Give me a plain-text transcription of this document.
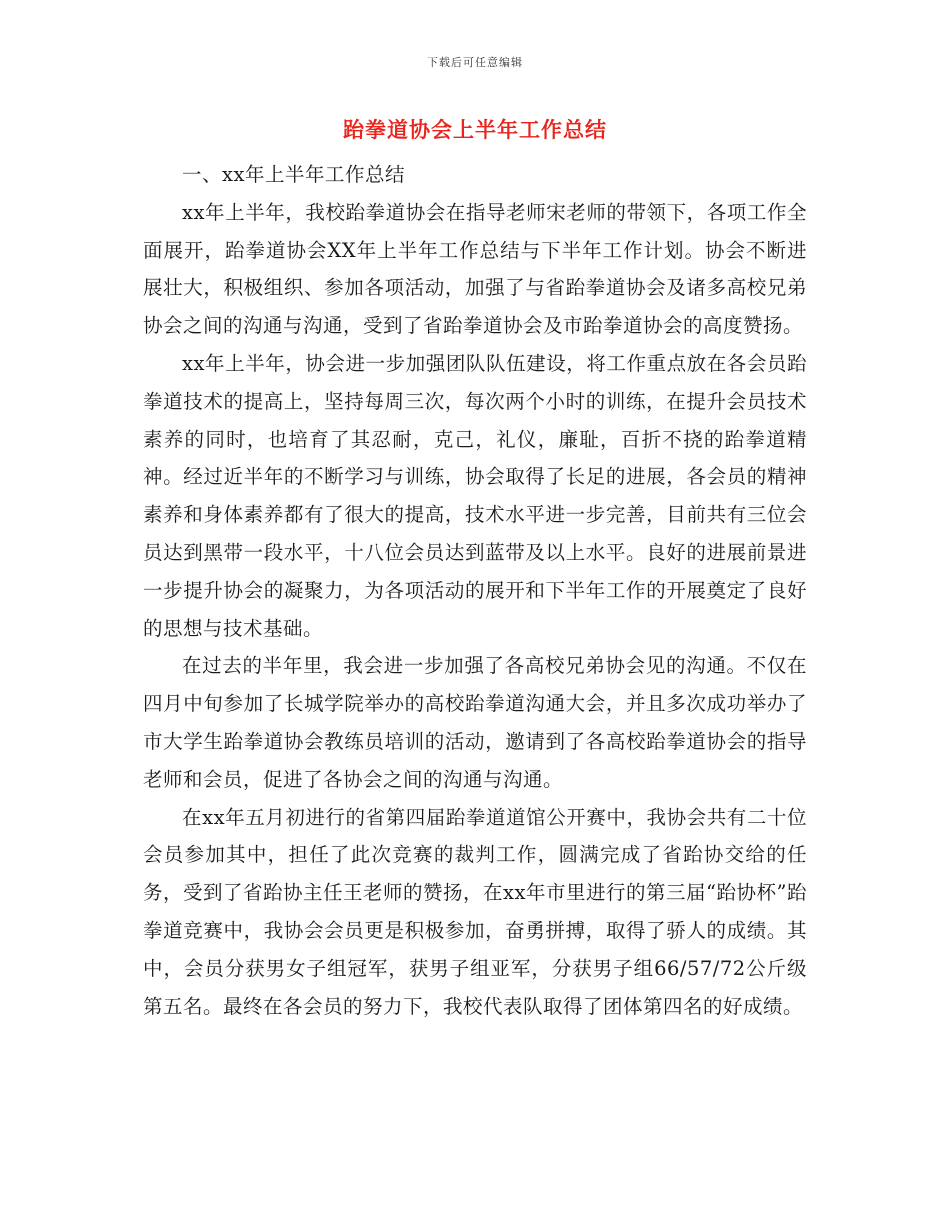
下载后可任意编辑
跆拳道协会上半年工作总结

一、xx年上半年工作总结

xx年上半年，我校跆拳道协会在指导老师宋老师的带领下，各项工作全面展开，跆拳道协会XX年上半年工作总结与下半年工作计划。协会不断进展壮大，积极组织、参加各项活动，加强了与省跆拳道协会及诸多高校兄弟协会之间的沟通与沟通，受到了省跆拳道协会及市跆拳道协会的高度赞扬。

xx年上半年，协会进一步加强团队队伍建设，将工作重点放在各会员跆拳道技术的提高上，坚持每周三次，每次两个小时的训练，在提升会员技术素养的同时，也培育了其忍耐，克己，礼仪，廉耻，百折不挠的跆拳道精神。经过近半年的不断学习与训练，协会取得了长足的进展，各会员的精神素养和身体素养都有了很大的提高，技术水平进一步完善，目前共有三位会员达到黑带一段水平，十八位会员达到蓝带及以上水平。良好的进展前景进一步提升协会的凝聚力，为各项活动的展开和下半年工作的开展奠定了良好的思想与技术基础。

在过去的半年里，我会进一步加强了各高校兄弟协会见的沟通。不仅在四月中旬参加了长城学院举办的高校跆拳道沟通大会，并且多次成功举办了市大学生跆拳道协会教练员培训的活动，邀请到了各高校跆拳道协会的指导老师和会员，促进了各协会之间的沟通与沟通。

在xx年五月初进行的省第四届跆拳道道馆公开赛中，我协会共有二十位会员参加其中，担任了此次竞赛的裁判工作，圆满完成了省跆协交给的任务，受到了省跆协主任王老师的赞扬，在xx年市里进行的第三届“跆协杯”跆拳道竞赛中，我协会会员更是积极参加，奋勇拼搏，取得了骄人的成绩。其中，会员分获男女子组冠军，获男子组亚军，分获男子组66/57/72公斤级第五名。最终在各会员的努力下，我校代表队取得了团体第四名的好成绩。
